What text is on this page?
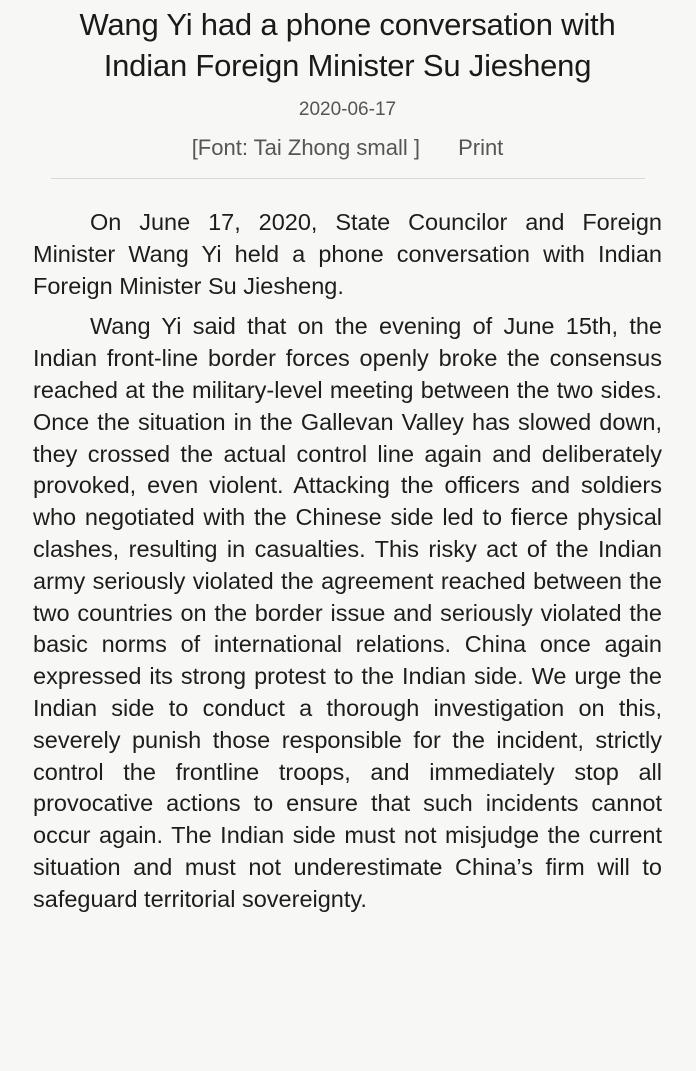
Wang Yi had a phone conversation with
Indian Foreign Minister Su Jiesheng
2020-06-17
[Font: Tai Zhong small ] Print

On June 17, 2020, State Councilor and Foreign Minister Wang Yi held a phone conversation with Indian Foreign Minister Su Jiesheng.

Wang Yi said that on the evening of June 15th, the Indian front-line border forces openly broke the consensus reached at the military-level meeting between the two sides. Once the situation in the Gallevan Valley has slowed down, they crossed the actual control line again and deliberately provoked, even violent. Attacking the officers and soldiers who negotiated with the Chinese side led to fierce physical clashes, resulting in casualties. This risky act of the Indian army seriously violated the agreement reached between the two countries on the border issue and seriously violated the basic norms of international relations. China once again expressed its strong protest to the Indian side. We urge the Indian side to conduct a thorough investigation on this, severely punish those responsible for the incident, strictly control the frontline troops, and immediately stop all provocative actions to ensure that such incidents cannot occur again. The Indian side must not misjudge the current situation and must not underestimate China’s firm will to safeguard territorial sovereignty.
